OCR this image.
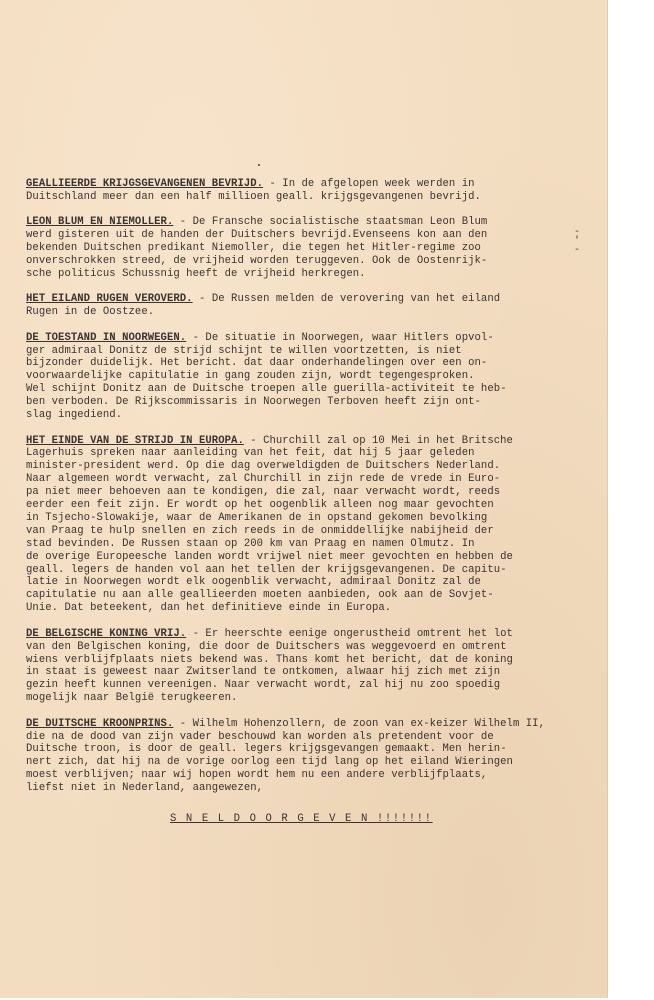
-
'
-
GEALLIEERDE KRIJGSGEVANGENEN BEVRIJD. - In de afgelopen week werden in
Duitschland meer dan een half millioen geall. krijgsgevangenen bevrijd.
LEON BLUM EN NIEMOLLER. - De Fransche socialistische staatsman Leon Blum
werd gisteren uit de handen der Duitschers bevrijd.Evenseens kon aan den
bekenden Duitschen predikant Niemoller, die tegen het Hitler-regime zoo
onverschrokken streed, de vrijheid worden teruggeven. Ook de Oostenrijk-
sche politicus Schussnig heeft de vrijheid herkregen.
HET EILAND RUGEN VEROVERD. - De Russen melden de verovering van het eiland
Rugen in de Oostzee.
DE TOESTAND IN NOORWEGEN. - De situatie in Noorwegen, waar Hitlers opvol-
ger admiraal Donitz de strijd schijnt te willen voortzetten, is niet
bijzonder duidelijk. Het bericht. dat daar onderhandelingen over een on-
voorwaardelijke capitulatie in gang zouden zijn, wordt tegengesproken.
Wel schijnt Donitz aan de Duitsche troepen alle guerilla-activiteit te heb-
ben verboden. De Rijkscommissaris in Noorwegen Terboven heeft zijn ont-
slag ingediend.
HET EINDE VAN DE STRIJD IN EUROPA. - Churchill zal op 10 Mei in het Britsche
Lagerhuis spreken naar aanleiding van het feit, dat hij 5 jaar geleden
minister-president werd. Op die dag overweldigden de Duitschers Nederland.
Naar algemeen wordt verwacht, zal Churchill in zijn rede de vrede in Euro-
pa niet meer behoeven aan te kondigen, die zal, naar verwacht wordt, reeds
eerder een feit zijn. Er wordt op het oogenblik alleen nog maar gevochten
in Tsjecho-Slowakije, waar de Amerikanen de in opstand gekomen bevolking
van Praag te hulp snellen en zich reeds in de onmiddellijke nabijheid der
stad bevinden. De Russen staan op 200 km van Praag en namen Olmutz. In
de overige Europeesche landen wordt vrijwel niet meer gevochten en hebben de
geall. legers de handen vol aan het tellen der krijgsgevangenen. De capitu-
latie in Noorwegen wordt elk oogenblik verwacht, admiraal Donitz zal de
capitulatie nu aan alle geallieerden moeten aanbieden, ook aan de Sovjet-
Unie. Dat beteekent, dan het definitieve einde in Europa.
DE BELGISCHE KONING VRIJ. - Er heerschte eenige ongerustheid omtrent het lot
van den Belgischen koning, die door de Duitschers was weggevoerd en omtrent
wiens verblijfplaats niets bekend was. Thans komt het bericht, dat de koning
in staat is geweest naar Zwitserland te ontkomen, alwaar hij zich met zijn
gezin heeft kunnen vereenigen. Naar verwacht wordt, zal hij nu zoo spoedig
mogelijk naar België terugkeeren.
DE DUITSCHE KROONPRINS. - Wilhelm Hohenzollern, de zoon van ex-keizer Wilhelm II,
die na de dood van zijn vader beschouwd kan worden als pretendent voor de
Duitsche troon, is door de geall. legers krijgsgevangen gemaakt. Men herin-
nert zich, dat hij na de vorige oorlog een tijd lang op het eiland Wieringen
moest verblijven; naar wij hopen wordt hem nu een andere verblijfplaats,
liefst niet in Nederland, aangewezen,
S N E L D O O R G E V E N !!!!!!!
